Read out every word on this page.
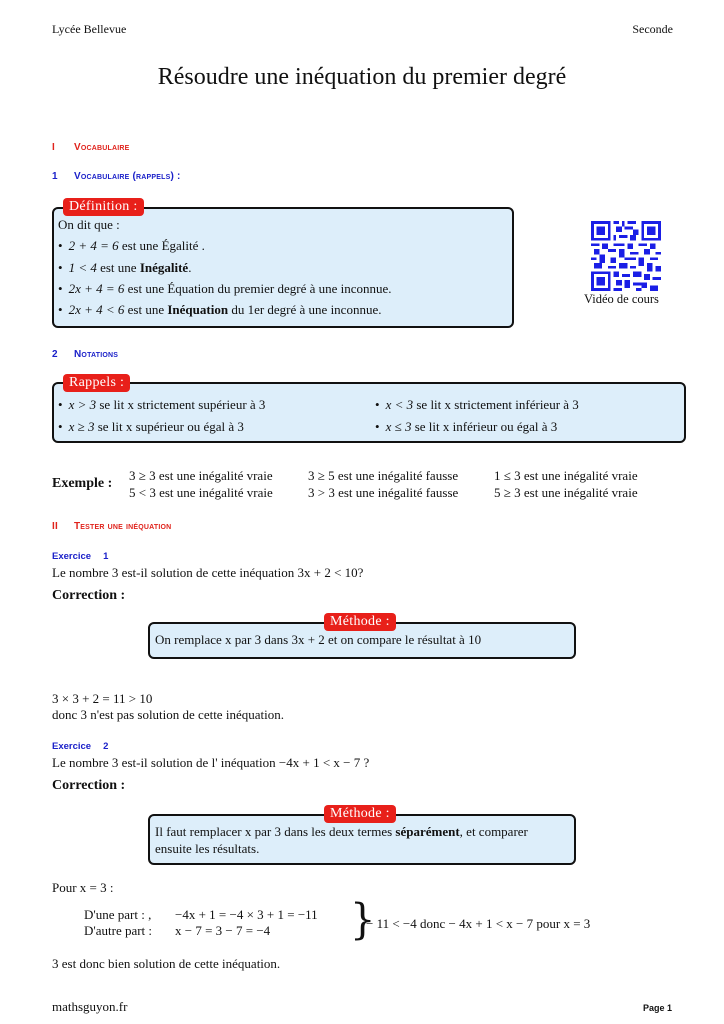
Lycée Bellevue	Seconde
Résoudre une inéquation du premier degré
I Vocabulaire
1 Vocabulaire (rappels) :
On dit que :
• 2 + 4 = 6 est une Égalité .
• 1 < 4 est une Inégalité.
• 2x + 4 = 6 est une Équation du premier degré à une inconnue.
• 2x + 4 < 6 est une Inéquation du 1er degré à une inconnue.
Définition :
Vidéo de cours
2 Notations
• x > 3 se lit x strictement supérieur à 3	• x < 3 se lit x strictement inférieur à 3
• x ≥ 3 se lit x supérieur ou égal à 3	• x ≤ 3 se lit x inférieur ou égal à 3
Rappels :
Exemple :
3 ≥ 3 est une inégalité vraie	3 ≥ 5 est une inégalité fausse	1 ≤ 3 est une inégalité vraie
5 < 3 est une inégalité vraie	3 > 3 est une inégalité fausse	5 ≥ 3 est une inégalité vraie
II Tester une inéquation
Exercice 1
Le nombre 3 est-il solution de cette inéquation 3x + 2 < 10?
Correction :
On remplace x par 3 dans 3x + 2 et on compare le résultat à 10
Méthode :
3 × 3 + 2 = 11 > 10
donc 3 n'est pas solution de cette inéquation.
Exercice 2
Le nombre 3 est-il solution de l' inéquation −4x + 1 < x − 7 ?
Correction :
Il faut remplacer x par 3 dans les deux termes séparément, et comparer
ensuite les résultats.
Méthode :
Pour x = 3 :
D'une part : , −4x + 1 = −4 × 3 + 1 = −11
D'autre part : x − 7 = 3 − 7 = −4 }
− 11 < −4 donc − 4x + 1 < x − 7 pour x = 3
3 est donc bien solution de cette inéquation.
mathsguyon.fr	Page 1
